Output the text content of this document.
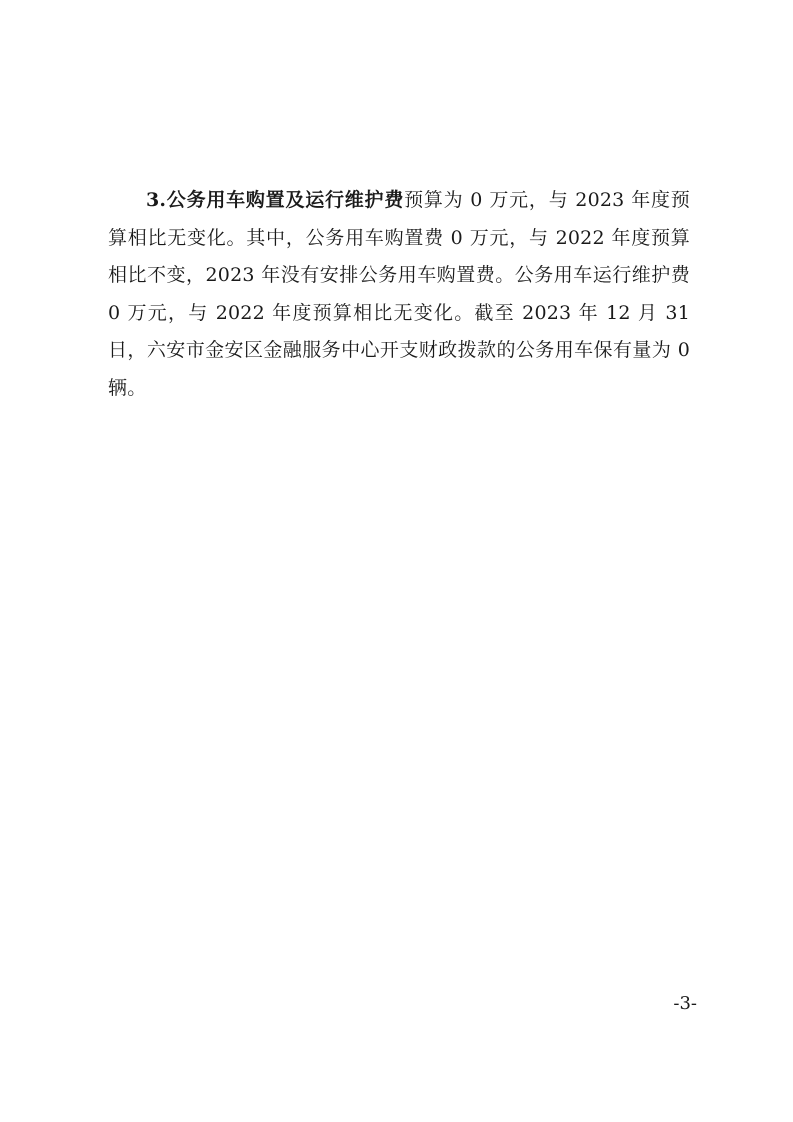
3.公务用车购置及运行维护费预算为 0 万元，与 2023 年度预算相比无变化。其中，公务用车购置费 0 万元，与 2022 年度预算相比不变，2023 年没有安排公务用车购置费。公务用车运行维护费 0 万元，与 2022 年度预算相比无变化。截至 2023 年 12 月 31 日，六安市金安区金融服务中心开支财政拨款的公务用车保有量为 0 辆。

-3-
